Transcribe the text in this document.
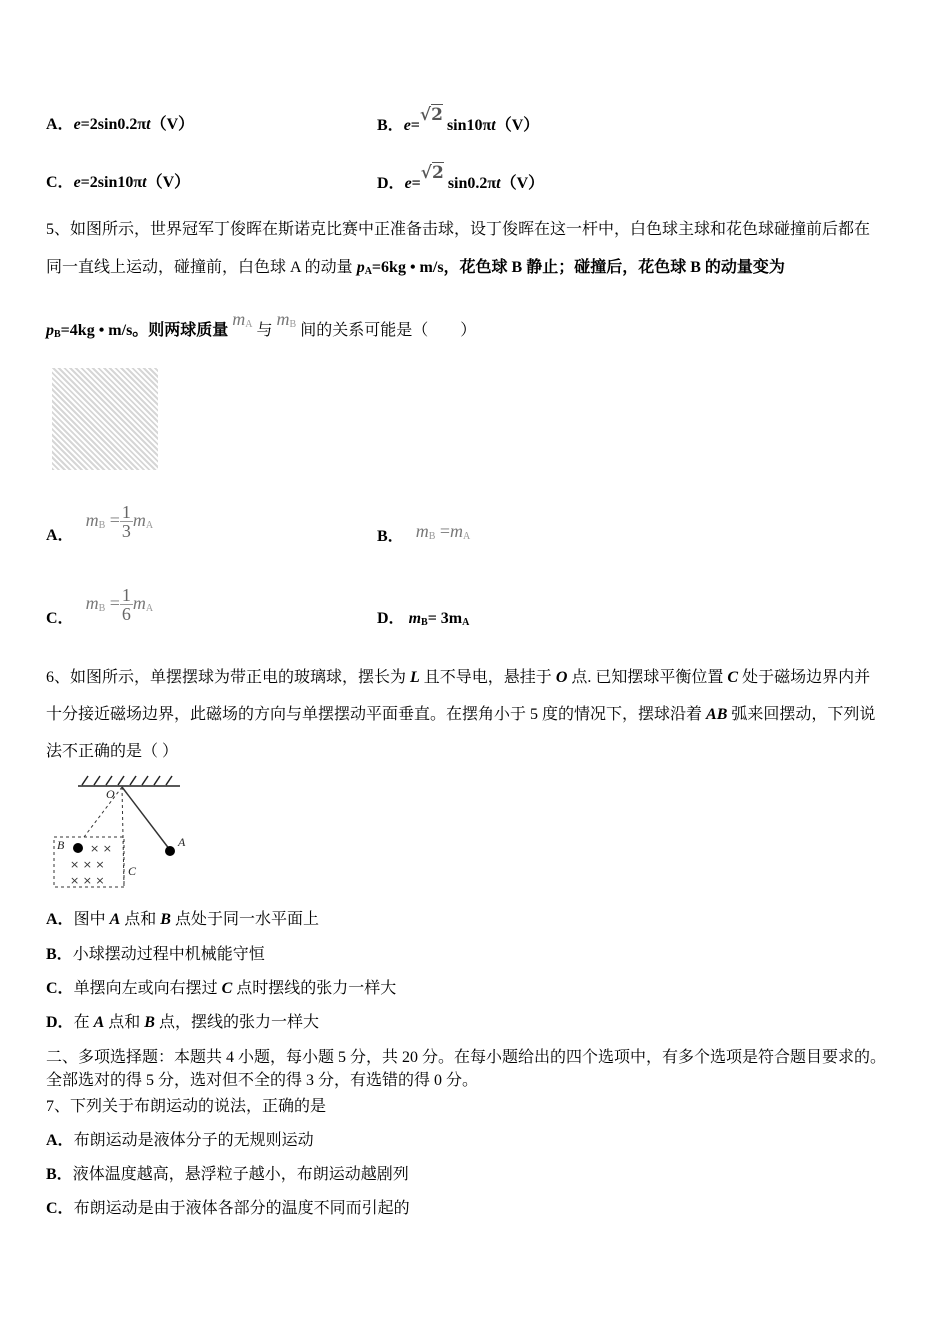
A．e=2sin0.2πt（V）	B．e=√2 sin10πt（V）
C．e=2sin10πt（V）	D．e=√2 sin0.2πt（V）
5、如图所示，世界冠军丁俊晖在斯诺克比赛中正准备击球，设丁俊晖在这一杆中，白色球主球和花色球碰撞前后都在
同一直线上运动，碰撞前，白色球 A 的动量 $p_A=6kg$ • m/s，花色球 B 静止；碰撞后，花色球 B 的动量变为
$p_B=4kg$ • m/s。则两球质量 $m_A$ 与 $m_B$ 间的关系可能是（　　）
A． $m_B = \frac{1}{3} m_A$
B． $m_B =m_A$
C． $m_B = \frac{1}{6} m_A$
D． $m_B= 3m_A$
6、如图所示，单摆摆球为带正电的玻璃球，摆长为 L 且不导电，悬挂于 O 点. 已知摆球平衡位置 C 处于磁场边界内并
十分接近磁场边界，此磁场的方向与单摆摆动平面垂直。在摆角小于 5 度的情况下，摆球沿着 AB 弧来回摆动，下列说
法不正确的是（ ）
× ×
× × ×
× × ×
O
A
B
C
A．图中 A 点和 B 点处于同一水平面上
B．小球摆动过程中机械能守恒
C．单摆向左或向右摆过 C 点时摆线的张力一样大
D．在 A 点和 B 点，摆线的张力一样大
二、多项选择题：本题共 4 小题，每小题 5 分，共 20 分。在每小题给出的四个选项中，有多个选项是符合题目要求的。
全部选对的得 5 分，选对但不全的得 3 分，有选错的得 0 分。
7、下列关于布朗运动的说法，正确的是
A．布朗运动是液体分子的无规则运动
B．液体温度越高，悬浮粒子越小，布朗运动越剧列
C．布朗运动是由于液体各部分的温度不同而引起的
